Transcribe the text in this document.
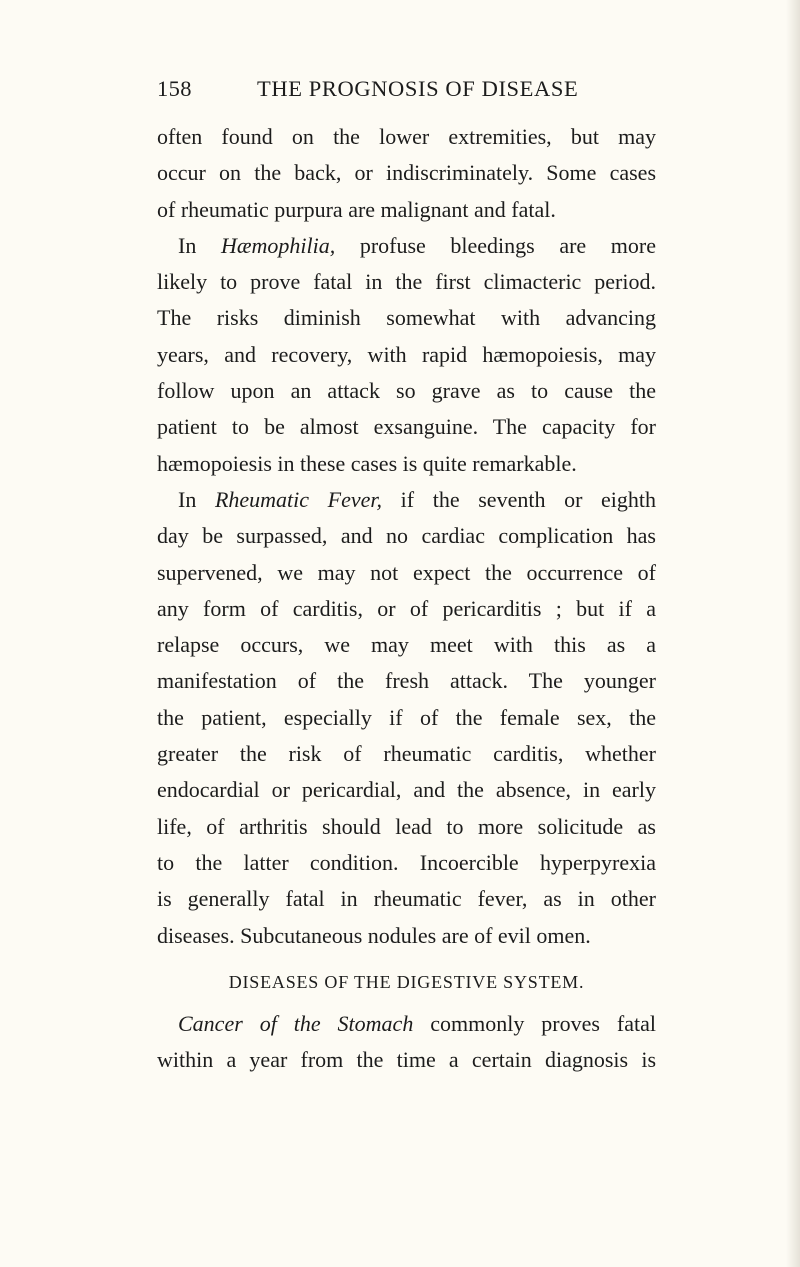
158	THE PROGNOSIS OF DISEASE
often found on the lower extremities, but may
occur on the back, or indiscriminately. Some cases
of rheumatic purpura are malignant and fatal.
In Hæmophilia, profuse bleedings are more
likely to prove fatal in the first climacteric period.
The risks diminish somewhat with advancing
years, and recovery, with rapid hæmopoiesis, may
follow upon an attack so grave as to cause the
patient to be almost exsanguine. The capacity for
hæmopoiesis in these cases is quite remarkable.
In Rheumatic Fever, if the seventh or eighth
day be surpassed, and no cardiac complication has
supervened, we may not expect the occurrence of
any form of carditis, or of pericarditis ; but if a
relapse occurs, we may meet with this as a
manifestation of the fresh attack. The younger
the patient, especially if of the female sex, the
greater the risk of rheumatic carditis, whether
endocardial or pericardial, and the absence, in early
life, of arthritis should lead to more solicitude as
to the latter condition. Incoercible hyperpyrexia
is generally fatal in rheumatic fever, as in other
diseases. Subcutaneous nodules are of evil omen.
DISEASES OF THE DIGESTIVE SYSTEM.
Cancer of the Stomach commonly proves fatal
within a year from the time a certain diagnosis is
